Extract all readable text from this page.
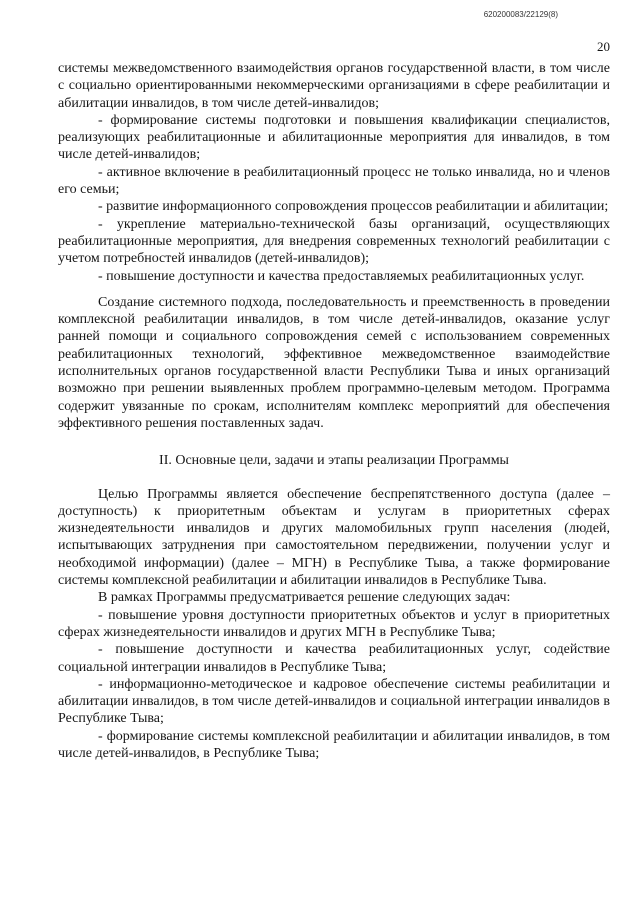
620200083/22129(8)
20

системы межведомственного взаимодействия органов государственной власти, в том числе с социально ориентированными некоммерческими организациями в сфере реабилитации и абилитации инвалидов, в том числе детей-инвалидов;

- формирование системы подготовки и повышения квалификации специалистов, реализующих реабилитационные и абилитационные мероприятия для инвалидов, в том числе детей-инвалидов;

- активное включение в реабилитационный процесс не только инвалида, но и членов его семьи;

- развитие информационного сопровождения процессов реабилитации и абилитации;

- укрепление материально-технической базы организаций, осуществляющих реабилитационные мероприятия, для внедрения современных технологий реабилитации с учетом потребностей инвалидов (детей-инвалидов);

- повышение доступности и качества предоставляемых реабилитационных услуг.

Создание системного подхода, последовательность и преемственность в проведении комплексной реабилитации инвалидов, в том числе детей-инвалидов, оказание услуг ранней помощи и социального сопровождения семей с использованием современных реабилитационных технологий, эффективное межведомственное взаимодействие исполнительных органов государственной власти Республики Тыва и иных организаций возможно при решении выявленных проблем программно-целевым методом. Программа содержит увязанные по срокам, исполнителям комплекс мероприятий для обеспечения эффективного решения поставленных задач.

II. Основные цели, задачи и этапы реализации Программы

Целью Программы является обеспечение беспрепятственного доступа (далее – доступность) к приоритетным объектам и услугам в приоритетных сферах жизнедеятельности инвалидов и других маломобильных групп населения (людей, испытывающих затруднения при самостоятельном передвижении, получении услуг и необходимой информации) (далее – МГН) в Республике Тыва, а также формирование системы комплексной реабилитации и абилитации инвалидов в Республике Тыва.

В рамках Программы предусматривается решение следующих задач:

- повышение уровня доступности приоритетных объектов и услуг в приоритетных сферах жизнедеятельности инвалидов и других МГН в Республике Тыва;

- повышение доступности и качества реабилитационных услуг, содействие социальной интеграции инвалидов в Республике Тыва;

- информационно-методическое и кадровое обеспечение системы реабилитации и абилитации инвалидов, в том числе детей-инвалидов и социальной интеграции инвалидов в Республике Тыва;

- формирование системы комплексной реабилитации и абилитации инвалидов, в том числе детей-инвалидов, в Республике Тыва;
